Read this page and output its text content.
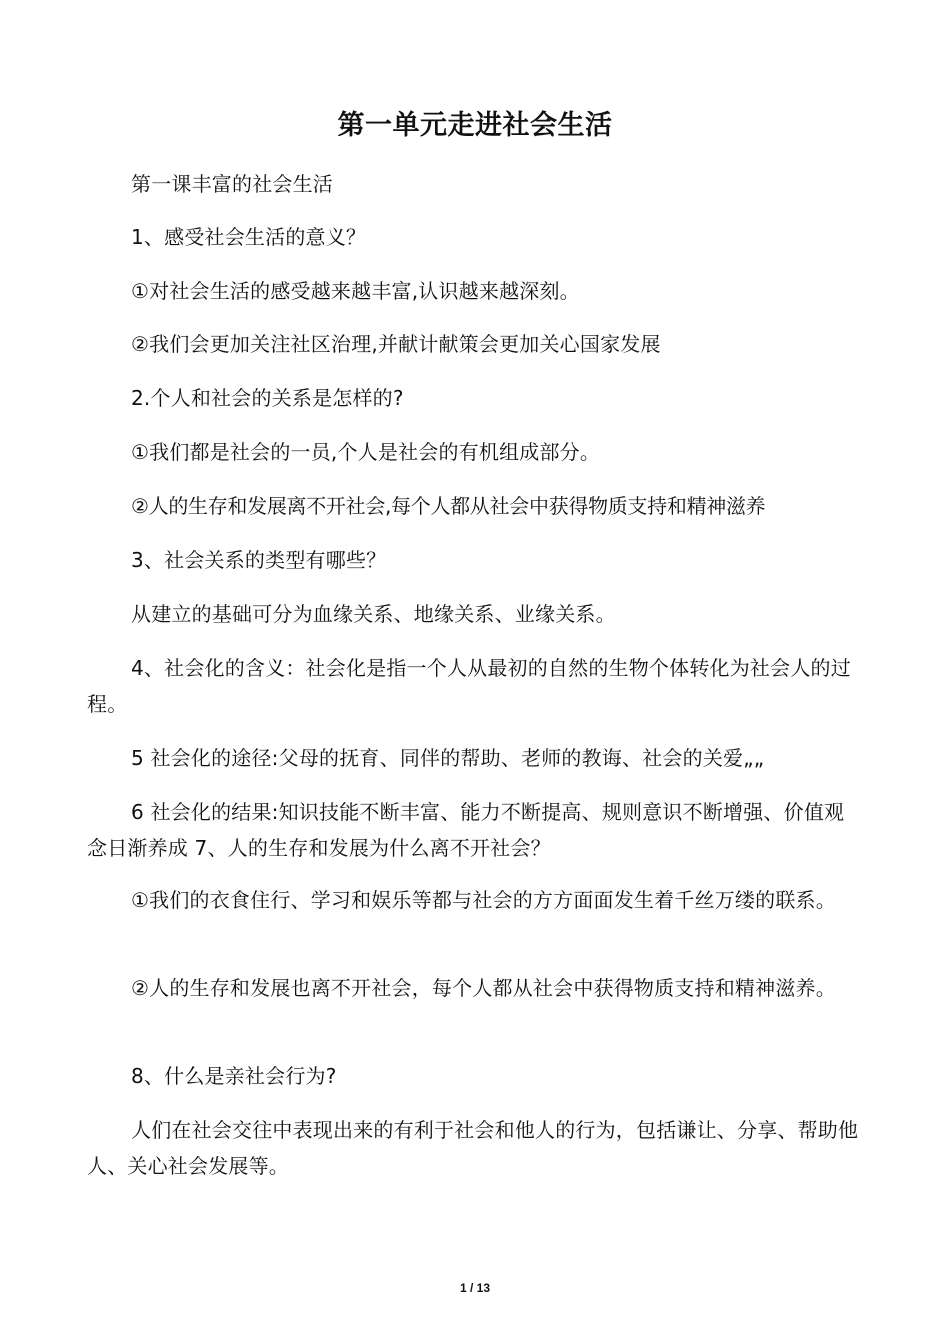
第一单元走进社会生活
第一课丰富的社会生活
1、感受社会生活的意义？
①对社会生活的感受越来越丰富,认识越来越深刻。
②我们会更加关注社区治理,并献计献策会更加关心国家发展
2.个人和社会的关系是怎样的?
①我们都是社会的一员,个人是社会的有机组成部分。
②人的生存和发展离不开社会,每个人都从社会中获得物质支持和精神滋养
3、社会关系的类型有哪些？
从建立的基础可分为血缘关系、地缘关系、业缘关系。
4、社会化的含义：社会化是指一个人从最初的自然的生物个体转化为社会人的过程。
5 社会化的途径:父母的抚育、同伴的帮助、老师的教诲、社会的关爱„„
6 社会化的结果:知识技能不断丰富、能力不断提高、规则意识不断增强、价值观念日渐养成 7、人的生存和发展为什么离不开社会？
①我们的衣食住行、学习和娱乐等都与社会的方方面面发生着千丝万缕的联系。
②人的生存和发展也离不开社会，每个人都从社会中获得物质支持和精神滋养。
8、什么是亲社会行为?
人们在社会交往中表现出来的有利于社会和他人的行为，包括谦让、分享、帮助他人、关心社会发展等。
1 / 13
